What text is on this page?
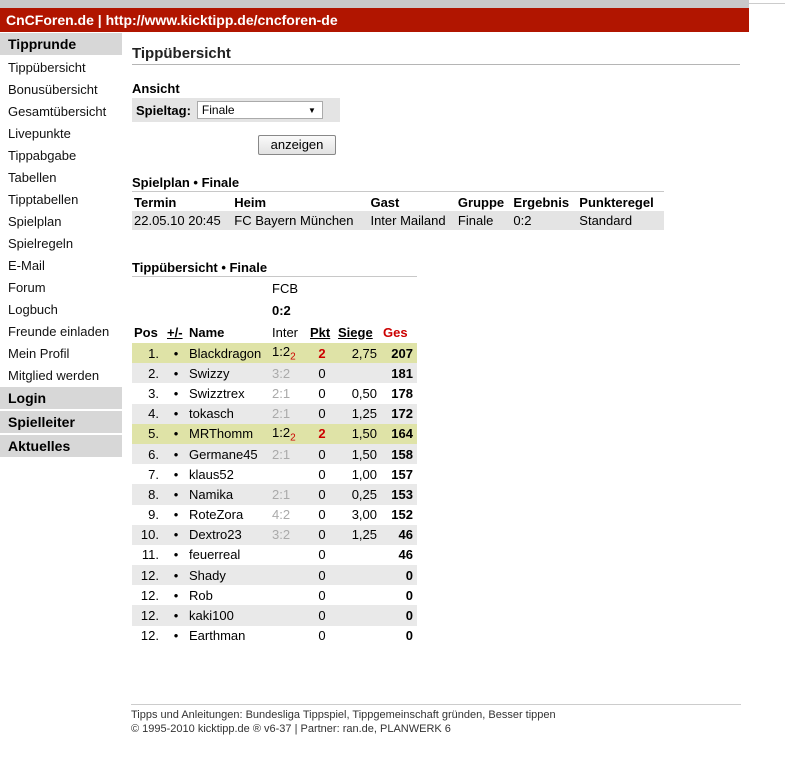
CnCForen.de | http://www.kicktipp.de/cncforen-de
Tipprunde
Tippübersicht
Bonusübersicht
Gesamtübersicht
Livepunkte
Tippabgabe
Tabellen
Tipptabellen
Spielplan
Spielregeln
E-Mail
Forum
Logbuch
Freunde einladen
Mein Profil
Mitglied werden
Login
Spielleiter
Aktuelles
Tippübersicht
Ansicht
Spieltag: Finale	▼
anzeigen
Spielplan • Finale
Termin	Heim	Gast	Gruppe	Ergebnis	Punkteregel
22.05.10 20:45	FC Bayern München	Inter Mailand	Finale	0:2	Standard
Tippübersicht • Finale
			FCB			
			0:2			
Pos	+/-	Name	Inter	Pkt	Siege	Ges
1.	•	Blackdragon	$1:2_2$	2	2,75	207
2.	•	Swizzy	3:2	0		181
3.	•	Swizztrex	2:1	0	0,50	178
4.	•	tokasch	2:1	0	1,25	172
5.	•	MRThomm	$1:2_2$	2	1,50	164
6.	•	Germane45	2:1	0	1,50	158
7.	•	klaus52		0	1,00	157
8.	•	Namika	2:1	0	0,25	153
9.	•	RoteZora	4:2	0	3,00	152
10.	•	Dextro23	3:2	0	1,25	46
11.	•	feuerreal		0		46
12.	•	Shady		0		0
12.	•	Rob		0		0
12.	•	kaki100		0		0
12.	•	Earthman		0		0
Tipps und Anleitungen: Bundesliga Tippspiel, Tippgemeinschaft gründen, Besser tippen
© 1995-2010 kicktipp.de ® v6-37 | Partner: ran.de, PLANWERK 6
